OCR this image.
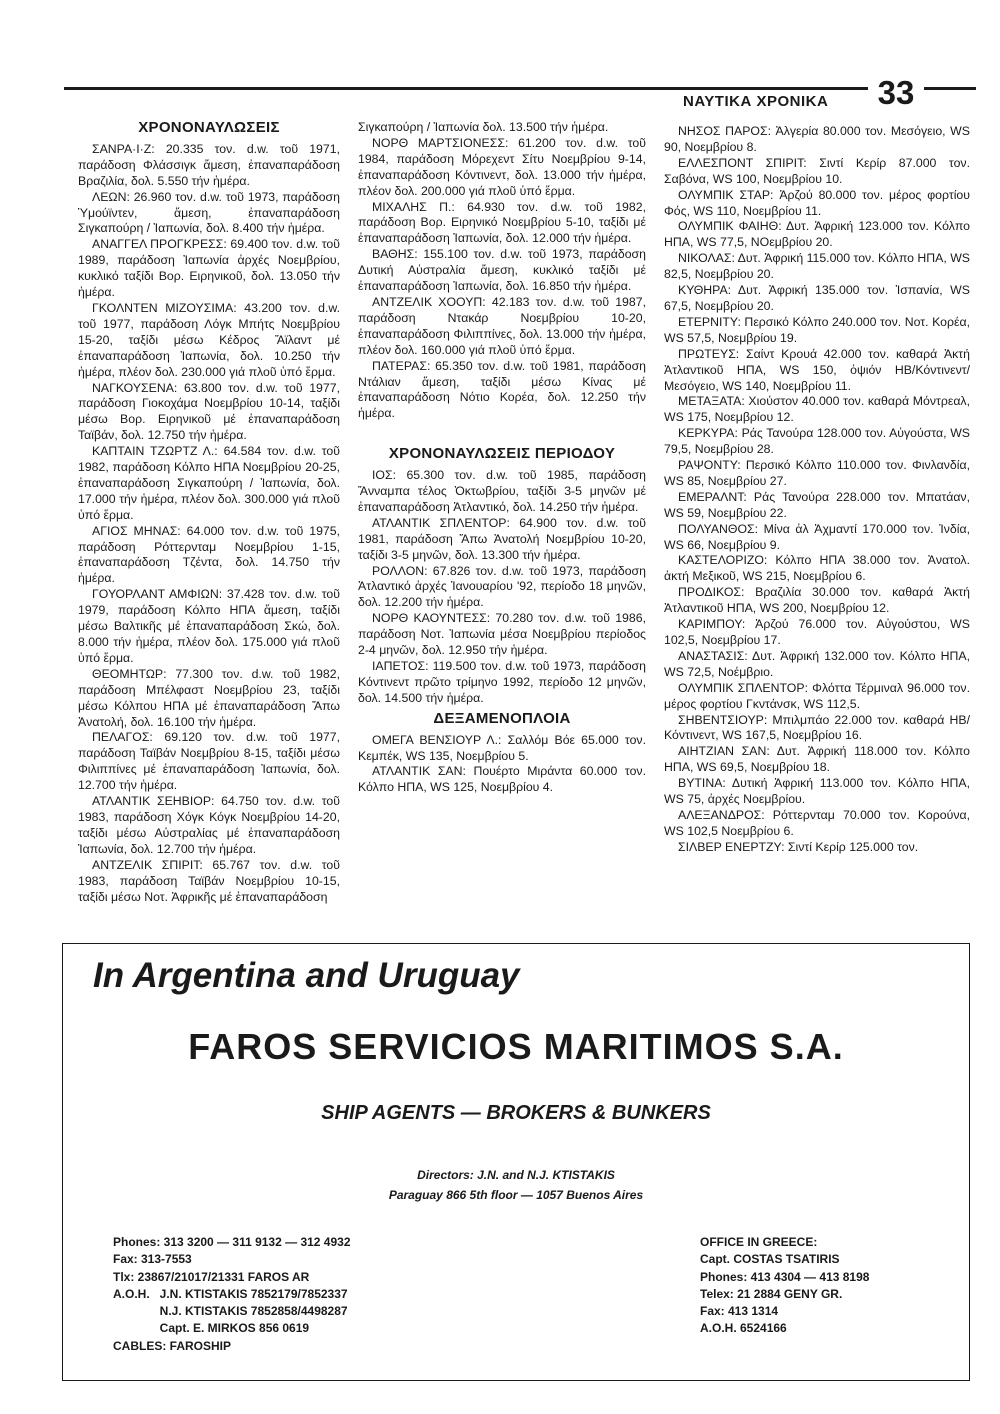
ΝΑΥΤΙΚΑ ΧΡΟΝΙΚΑ	33
ΧΡΟΝΟΝΑΥΛΩΣΕΙΣ

ΣΑΝΡΑ·Ι·Ζ: 20.335 τον. d.w. τοῦ 1971, παράδοση Φλάσσιγκ ἄμεση, ἐπαναπαράδοση Βραζιλία, δολ. 5.550 τήν ἡμέρα.

ΛΕΩΝ: 26.960 τον. d.w. τοῦ 1973, παράδοση Ὑμούϊντεν, ἄμεση, ἐπαναπαράδοση Σιγκαπούρη / Ἰαπωνία, δολ. 8.400 τήν ἡμέρα.

ΑΝΑΓΓΕΛ ΠΡΟΓΚΡΕΣΣ: 69.400 τον. d.w. τοῦ 1989, παράδοση Ἰαπωνία ἀρχές Νοεμβρίου, κυκλικό ταξίδι Βορ. Ειρηνικοῦ, δολ. 13.050 τήν ἡμέρα.

ΓΚΟΛΝΤΕΝ ΜΙΖΟΥΣΙΜΑ: 43.200 τον. d.w. τοῦ 1977, παράδοση Λόγκ Μπήτς Νοεμβρίου 15-20, ταξίδι μέσω Κέδρος Ἄϊλαντ μέ ἐπαναπαράδοση Ἰαπωνία, δολ. 10.250 τήν ἡμέρα, πλέον δολ. 230.000 γιά πλοῦ ὑπό ἕρμα.

ΝΑΓΚΟΥΣΕΝΑ: 63.800 τον. d.w. τοῦ 1977, παράδοση Γιοκοχάμα Νοεμβρίου 10-14, ταξίδι μέσω Βορ. Ειρηνικοῦ μέ ἐπαναπαράδοση Ταϊβάν, δολ. 12.750 τήν ἡμέρα.

ΚΑΠΤΑΙΝ ΤΖΩΡΤΖ Λ.: 64.584 τον. d.w. τοῦ 1982, παράδοση Κόλπο ΗΠΑ Νοεμβρίου 20-25, ἐπαναπαράδοση Σιγκαπούρη / Ἰαπωνία, δολ. 17.000 τήν ἡμέρα, πλέον δολ. 300.000 γιά πλοῦ ὑπό ἕρμα.

ΑΓΙΟΣ ΜΗΝΑΣ: 64.000 τον. d.w. τοῦ 1975, παράδοση Ρόττερνταμ Νοεμβρίου 1-15, ἐπαναπαράδοση Τζέντα, δολ. 14.750 τήν ἡμέρα.

ΓΟΥΟΡΛΑΝΤ ΑΜΦΙΩΝ: 37.428 τον. d.w. τοῦ 1979, παράδοση Κόλπο ΗΠΑ ἄμεση, ταξίδι μέσω Βαλτικῆς μέ ἐπαναπαράδοση Σκώ, δολ. 8.000 τήν ἡμέρα, πλέον δολ. 175.000 γιά πλοῦ ὑπό ἕρμα.

ΘΕΟΜΗΤΩΡ: 77.300 τον. d.w. τοῦ 1982, παράδοση Μπέλφαστ Νοεμβρίου 23, ταξίδι μέσω Κόλπου ΗΠΑ μέ ἐπαναπαράδοση Ἄπω Ἀνατολή, δολ. 16.100 τήν ἡμέρα.

ΠΕΛΑΓΟΣ: 69.120 τον. d.w. τοῦ 1977, παράδοση Ταϊβάν Νοεμβρίου 8-15, ταξίδι μέσω Φιλιππίνες μέ ἐπαναπαράδοση Ἰαπωνία, δολ. 12.700 τήν ἡμέρα.

ΑΤΛΑΝΤΙΚ ΣΕΗΒΙΟΡ: 64.750 τον. d.w. τοῦ 1983, παράδοση Χόγκ Κόγκ Νοεμβρίου 14-20, ταξίδι μέσω Αὐστραλίας μέ ἐπαναπαράδοση Ἰαπωνία, δολ. 12.700 τήν ἡμέρα.

ΑΝΤΖΕΛΙΚ ΣΠΙΡΙΤ: 65.767 τον. d.w. τοῦ 1983, παράδοση Ταϊβάν Νοεμβρίου 10-15, ταξίδι μέσω Νοτ. Ἀφρικῆς μέ ἐπαναπαράδοση

Σιγκαπούρη / Ἰαπωνία δολ. 13.500 τήν ἡμέρα.

ΝΟΡΘ ΜΑΡΤΣΙΟΝΕΣΣ: 61.200 τον. d.w. τοῦ 1984, παράδοση Μόρεχεντ Σίτυ Νοεμβρίου 9-14, ἐπαναπαράδοση Κόντινεντ, δολ. 13.000 τήν ἡμέρα, πλέον δολ. 200.000 γιά πλοῦ ὑπό ἕρμα.

ΜΙΧΑΛΗΣ Π.: 64.930 τον. d.w. τοῦ 1982, παράδοση Βορ. Ειρηνικό Νοεμβρίου 5-10, ταξίδι μέ ἐπαναπαράδοση Ἰαπωνία, δολ. 12.000 τήν ἡμέρα.

ΒΑΘΗΣ: 155.100 τον. d.w. τοῦ 1973, παράδοση Δυτική Αὐστραλία ἄμεση, κυκλικό ταξίδι μέ ἐπαναπαράδοση Ἰαπωνία, δολ. 16.850 τήν ἡμέρα.

ΑΝΤΖΕΛΙΚ ΧΟΟΥΠ: 42.183 τον. d.w. τοῦ 1987, παράδοση Ντακάρ Νοεμβρίου 10-20, ἐπαναπαράδοση Φιλιππίνες, δολ. 13.000 τήν ἡμέρα, πλέον δολ. 160.000 γιά πλοῦ ὑπό ἕρμα.

ΠΑΤΕΡΑΣ: 65.350 τον. d.w. τοῦ 1981, παράδοση Ντάλιαν ἄμεση, ταξίδι μέσω Κίνας μέ ἐπαναπαράδοση Νότιο Κορέα, δολ. 12.250 τήν ἡμέρα.

ΧΡΟΝΟΝΑΥΛΩΣΕΙΣ ΠΕΡΙΟΔΟΥ

ΙΟΣ: 65.300 τον. d.w. τοῦ 1985, παράδοση Ἄνναμπα τέλος Ὀκτωβρίου, ταξίδι 3-5 μηνῶν μέ ἐπαναπαράδοση Ἀτλαντικό, δολ. 14.250 τήν ἡμέρα.

ΑΤΛΑΝΤΙΚ ΣΠΛΕΝΤΟΡ: 64.900 τον. d.w. τοῦ 1981, παράδοση Ἄπω Ἀνατολή Νοεμβρίου 10-20, ταξίδι 3-5 μηνῶν, δολ. 13.300 τήν ἡμέρα.

ΡΟΛΛΟΝ: 67.826 τον. d.w. τοῦ 1973, παράδοση Ἀτλαντικό ἀρχές Ἰανουαρίου '92, περίοδο 18 μηνῶν, δολ. 12.200 τήν ἡμέρα.

ΝΟΡΘ ΚΑΟΥΝΤΕΣΣ: 70.280 τον. d.w. τοῦ 1986, παράδοση Νοτ. Ἰαπωνία μέσα Νοεμβρίου περίοδος 2-4 μηνῶν, δολ. 12.950 τήν ἡμέρα.

ΙΑΠΕΤΟΣ: 119.500 τον. d.w. τοῦ 1973, παράδοση Κόντινεντ πρῶτο τρίμηνο 1992, περίοδο 12 μηνῶν, δολ. 14.500 τήν ἡμέρα.

ΔΕΞΑΜΕΝΟΠΛΟΙΑ

ΟΜΕΓΑ ΒΕΝΣΙΟΥΡ Λ.: Σαλλόμ Βόε 65.000 τον. Κεμπέκ, WS 135, Νοεμβρίου 5.

ΑΤΛΑΝΤΙΚ ΣΑΝ: Πουέρτο Μιράντα 60.000 τον. Κόλπο ΗΠΑ, WS 125, Νοεμβρίου 4.

ΝΗΣΟΣ ΠΑΡΟΣ: Ἀλγερία 80.000 τον. Μεσόγειο, WS 90, Νοεμβρίου 8.

ΕΛΛΕΣΠΟΝΤ ΣΠΙΡΙΤ: Σιντί Κερίρ 87.000 τον. Σαβόνα, WS 100, Νοεμβρίου 10.

ΟΛΥΜΠΙΚ ΣΤΑΡ: Ἀρζού 80.000 τον. μέρος φορτίου Φός, WS 110, Νοεμβρίου 11.

ΟΛΥΜΠΙΚ ΦΑΙΗΘ: Δυτ. Ἀφρική 123.000 τον. Κόλπο ΗΠΑ, WS 77,5, ΝΟεμβρίου 20.

ΝΙΚΟΛΑΣ: Δυτ. Ἀφρική 115.000 τον. Κόλπο ΗΠΑ, WS 82,5, Νοεμβρίου 20.

ΚΥΘΗΡΑ: Δυτ. Ἀφρική 135.000 τον. Ἰσπανία, WS 67,5, Νοεμβρίου 20.

ΕΤΕΡΝΙΤΥ: Περσικό Κόλπο 240.000 τον. Νοτ. Κορέα, WS 57,5, Νοεμβρίου 19.

ΠΡΩΤΕΥΣ: Σαίντ Κρουά 42.000 τον. καθαρά Ἀκτή Ἀτλαντικοῦ ΗΠΑ, WS 150, ὀψιόν ΗΒ/Κόντινεντ/ Μεσόγειο, WS 140, Νοεμβρίου 11.

ΜΕΤΑΞΑΤΑ: Χιούστον 40.000 τον. καθαρά Μόντρεαλ, WS 175, Νοεμβρίου 12.

ΚΕΡΚΥΡΑ: Ράς Τανούρα 128.000 τον. Αὐγούστα, WS 79,5, Νοεμβρίου 28.

ΡΑΨΟΝΤΥ: Περσικό Κόλπο 110.000 τον. Φινλανδία, WS 85, Νοεμβρίου 27.

ΕΜΕΡΑΛΝΤ: Ράς Τανούρα 228.000 τον. Μπατάαν, WS 59, Νοεμβρίου 22.

ΠΟΛΥΑΝΘΟΣ: Μίνα ἀλ Ἀχμαντί 170.000 τον. Ἰνδία, WS 66, Νοεμβρίου 9.

ΚΑΣΤΕΛΟΡΙΖΟ: Κόλπο ΗΠΑ 38.000 τον. Ἀνατολ. ἀκτή Μεξικοῦ, WS 215, Νοεμβρίου 6.

ΠΡΟΔΙΚΟΣ: Βραζιλία 30.000 τον. καθαρά Ἀκτή Ἀτλαντικοῦ ΗΠΑ, WS 200, Νοεμβρίου 12.

ΚΑΡΙΜΠΟΥ: Ἀρζού 76.000 τον. Αὐγούστου, WS 102,5, Νοεμβρίου 17.

ΑΝΑΣΤΑΣΙΣ: Δυτ. Ἀφρική 132.000 τον. Κόλπο ΗΠΑ, WS 72,5, Νοέμβριο.

ΟΛΥΜΠΙΚ ΣΠΛΕΝΤΟΡ: Φλόττα Τέρμιναλ 96.000 τον. μέρος φορτίου Γκντάνσκ, WS 112,5.

ΣΗΒΕΝΤΣΙΟΥΡ: Μπιλμπάο 22.000 τον. καθαρά ΗΒ/Κόντινεντ, WS 167,5, Νοεμβρίου 16.

ΑΙΗΤΖΙΑΝ ΣΑΝ: Δυτ. Ἀφρική 118.000 τον. Κόλπο ΗΠΑ, WS 69,5, Νοεμβρίου 18.

ΒΥΤΙΝΑ: Δυτική Ἀφρική 113.000 τον. Κόλπο ΗΠΑ, WS 75, ἀρχές Νοεμβρίου.

ΑΛΕΞΑΝΔΡΟΣ: Ρόττερνταμ 70.000 τον. Κορούνα, WS 102,5 Νοεμβρίου 6.

ΣΙΛΒΕΡ ΕΝΕΡΤΖΥ: Σιντί Κερίρ 125.000 τον.

In Argentina and Uruguay
FAROS SERVICIOS MARITIMOS S.A.
SHIP AGENTS — BROKERS & BUNKERS
Directors: J.N. and N.J. KTISTAKIS
Paraguay 866 5th floor — 1057 Buenos Aires
Phones: 313 3200 — 311 9132 — 312 4932
Fax: 313-7553
Tlx: 23867/21017/21331 FAROS AR
A.O.H.   J.N. KTISTAKIS 7852179/7852337
N.J. KTISTAKIS 7852858/4498287
Capt. E. MIRKOS 856 0619
CABLES: FAROSHIP
OFFICE IN GREECE:
Capt. COSTAS TSATIRIS
Phones: 413 4304 — 413 8198
Telex: 21 2884 GENY GR.
Fax: 413 1314
A.O.H. 6524166
